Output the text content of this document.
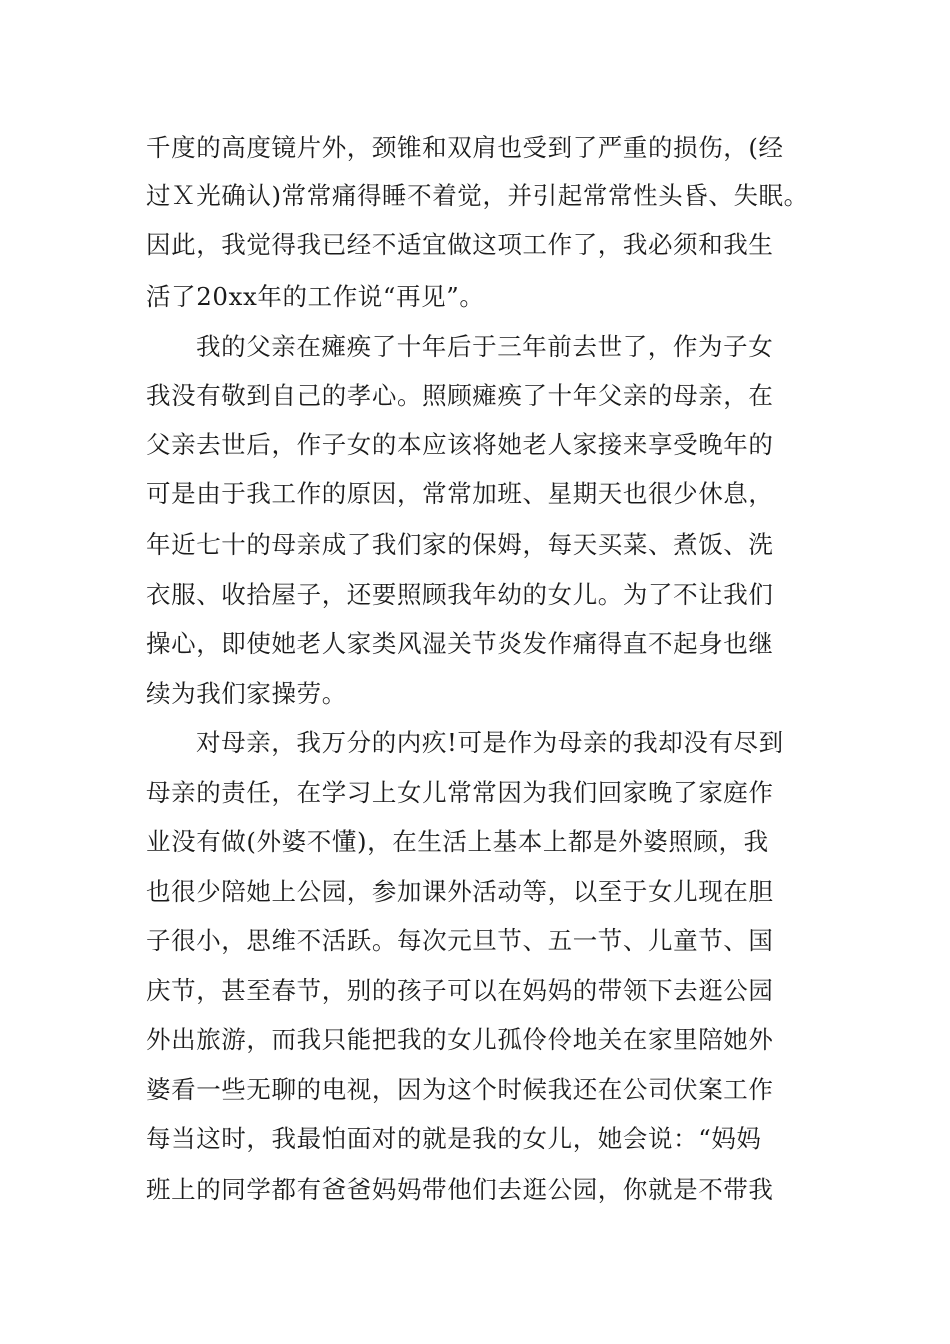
千度的高度镜片外，颈锥和双肩也受到了严重的损伤，(经
过Ｘ光确认)常常痛得睡不着觉，并引起常常性头昏、失眠。
因此，我觉得我已经不适宜做这项工作了，我必须和我生
活了20xx年的工作说“再见”。
我的父亲在瘫痪了十年后于三年前去世了，作为子女
我没有敬到自己的孝心。照顾瘫痪了十年父亲的母亲，在
父亲去世后，作子女的本应该将她老人家接来享受晚年的
可是由于我工作的原因，常常加班、星期天也很少休息，
年近七十的母亲成了我们家的保姆，每天买菜、煮饭、洗
衣服、收拾屋子，还要照顾我年幼的女儿。为了不让我们
操心，即使她老人家类风湿关节炎发作痛得直不起身也继
续为我们家操劳。
对母亲，我万分的内疚!可是作为母亲的我却没有尽到
母亲的责任，在学习上女儿常常因为我们回家晚了家庭作
业没有做(外婆不懂)，在生活上基本上都是外婆照顾，我
也很少陪她上公园，参加课外活动等，以至于女儿现在胆
子很小，思维不活跃。每次元旦节、五一节、儿童节、国
庆节，甚至春节，别的孩子可以在妈妈的带领下去逛公园
外出旅游，而我只能把我的女儿孤伶伶地关在家里陪她外
婆看一些无聊的电视，因为这个时候我还在公司伏案工作
每当这时，我最怕面对的就是我的女儿，她会说：“妈妈
班上的同学都有爸爸妈妈带他们去逛公园，你就是不带我
